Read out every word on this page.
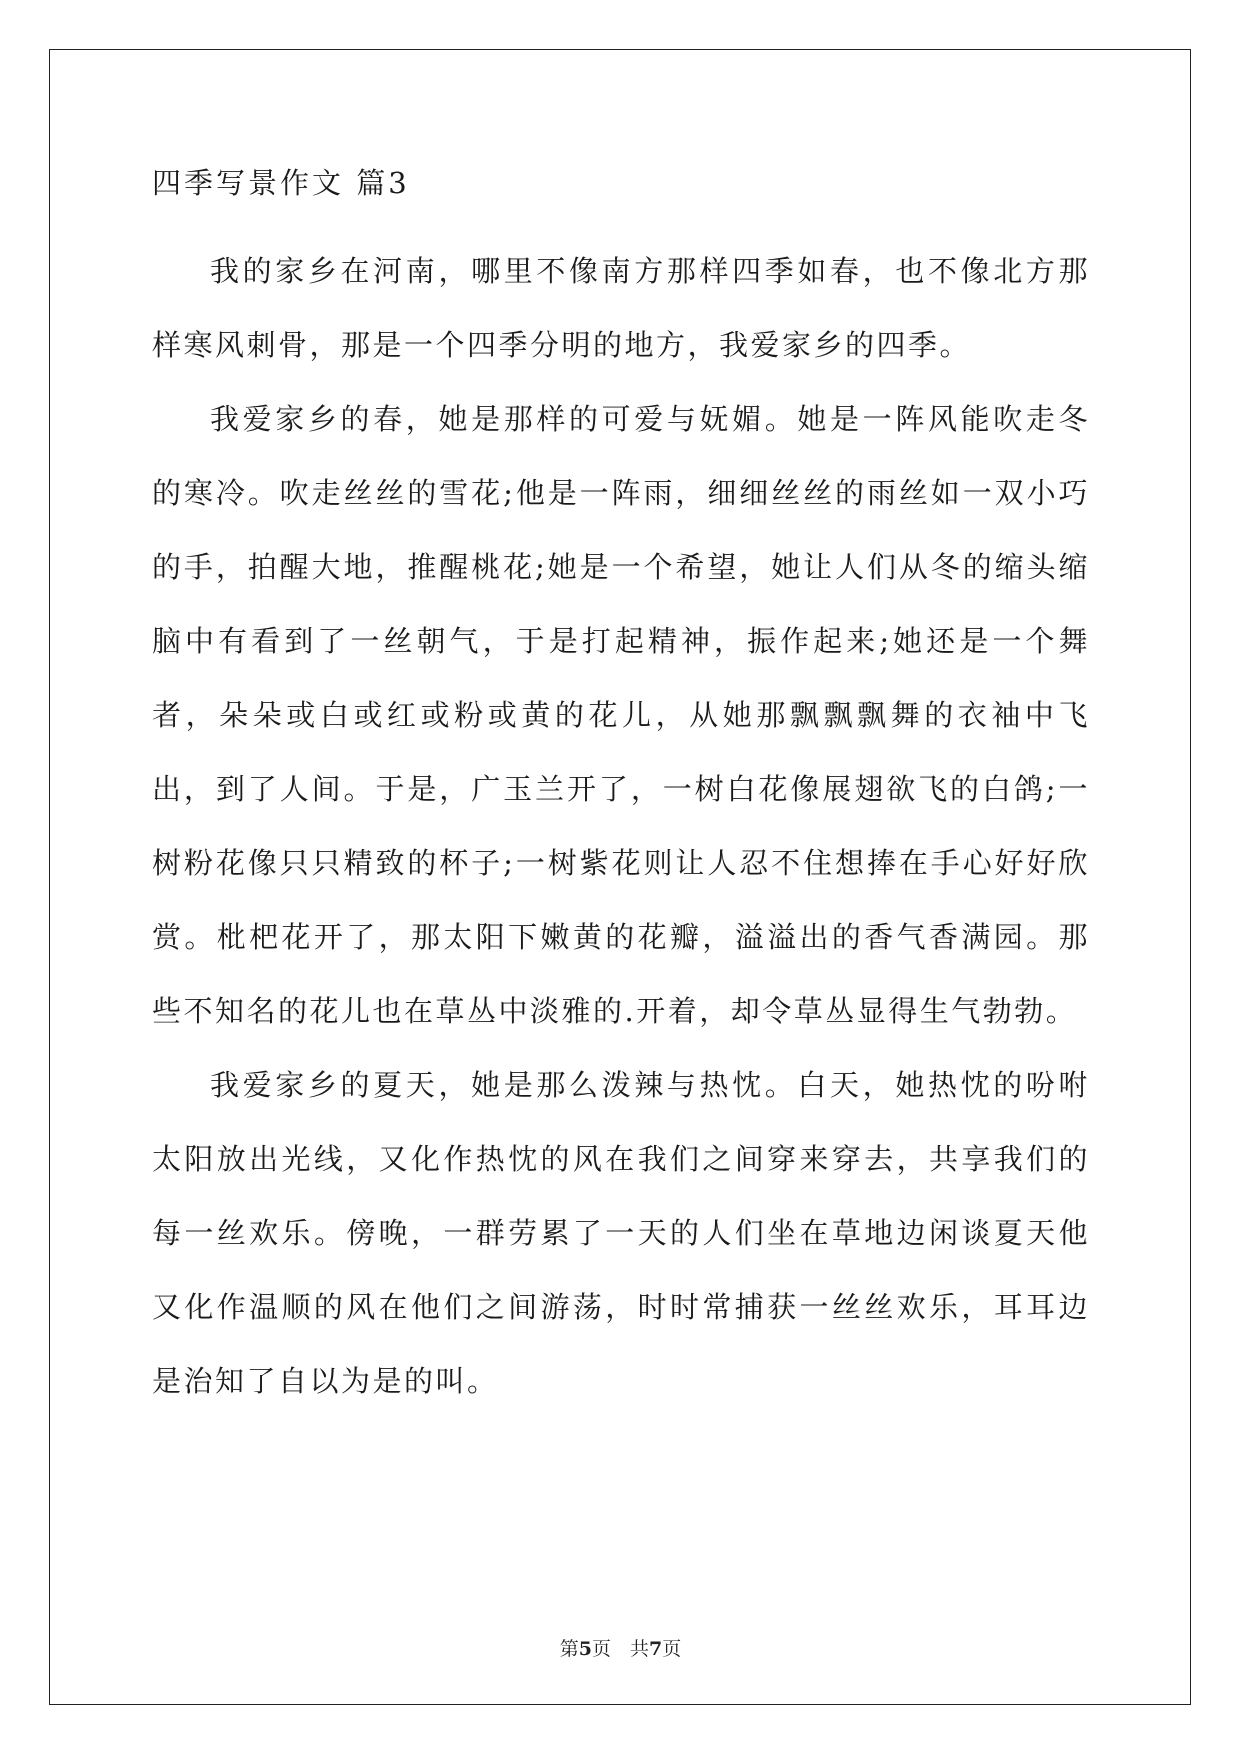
四季写景作文 篇3

我的家乡在河南，哪里不像南方那样四季如春，也不像北方那样寒风刺骨，那是一个四季分明的地方，我爱家乡的四季。

我爱家乡的春，她是那样的可爱与妩媚。她是一阵风能吹走冬的寒冷。吹走丝丝的雪花;他是一阵雨，细细丝丝的雨丝如一双小巧的手，拍醒大地，推醒桃花;她是一个希望，她让人们从冬的缩头缩脑中有看到了一丝朝气，于是打起精神，振作起来;她还是一个舞者，朵朵或白或红或粉或黄的花儿，从她那飘飘飘舞的衣袖中飞出，到了人间。于是，广玉兰开了，一树白花像展翅欲飞的白鸽;一树粉花像只只精致的杯子;一树紫花则让人忍不住想捧在手心好好欣赏。枇杷花开了，那太阳下嫩黄的花瓣，溢溢出的香气香满园。那些不知名的花儿也在草丛中淡雅的.开着，却令草丛显得生气勃勃。

我爱家乡的夏天，她是那么泼辣与热忱。白天，她热忱的吩咐太阳放出光线，又化作热忱的风在我们之间穿来穿去，共享我们的每一丝欢乐。傍晚，一群劳累了一天的人们坐在草地边闲谈夏天他又化作温顺的风在他们之间游荡，时时常捕获一丝丝欢乐，耳耳边是治知了自以为是的叫。

第5页　共7页
